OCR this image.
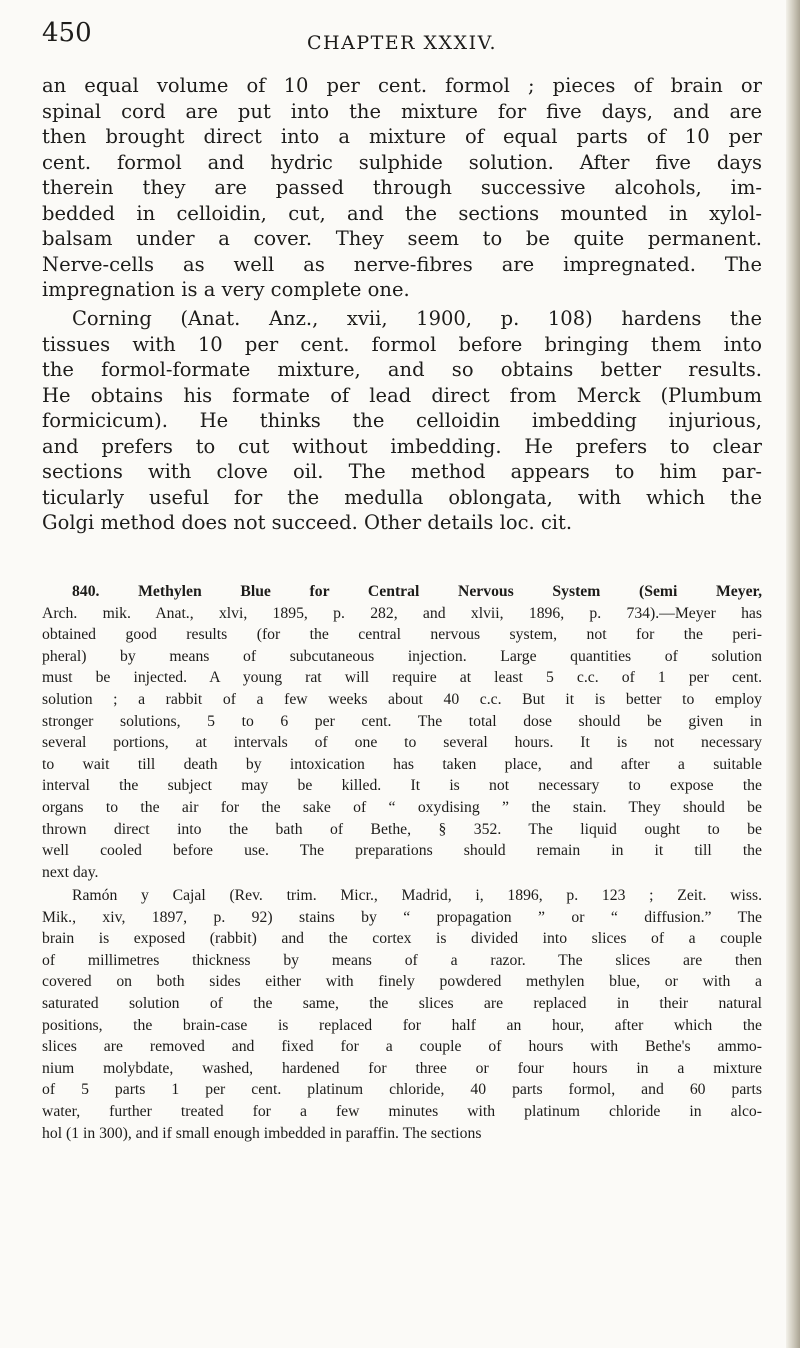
450	CHAPTER XXXIV.
an equal volume of 10 per cent. formol ; pieces of brain or
spinal cord are put into the mixture for five days, and are
then brought direct into a mixture of equal parts of 10 per
cent. formol and hydric sulphide solution. After five days
therein they are passed through successive alcohols, im-
bedded in celloidin, cut, and the sections mounted in xylol-
balsam under a cover. They seem to be quite permanent.
Nerve-cells as well as nerve-fibres are impregnated. The
impregnation is a very complete one.
Corning (Anat. Anz., xvii, 1900, p. 108) hardens the
tissues with 10 per cent. formol before bringing them into
the formol-formate mixture, and so obtains better results.
He obtains his formate of lead direct from Merck (Plumbum
formicicum). He thinks the celloidin imbedding injurious,
and prefers to cut without imbedding. He prefers to clear
sections with clove oil. The method appears to him par-
ticularly useful for the medulla oblongata, with which the
Golgi method does not succeed. Other details loc. cit.
840. Methylen Blue for Central Nervous System (Semi Meyer,
Arch. mik. Anat., xlvi, 1895, p. 282, and xlvii, 1896, p. 734).—Meyer has
obtained good results (for the central nervous system, not for the peri-
pheral) by means of subcutaneous injection. Large quantities of solution
must be injected. A young rat will require at least 5 c.c. of 1 per cent.
solution ; a rabbit of a few weeks about 40 c.c. But it is better to employ
stronger solutions, 5 to 6 per cent. The total dose should be given in
several portions, at intervals of one to several hours. It is not necessary
to wait till death by intoxication has taken place, and after a suitable
interval the subject may be killed. It is not necessary to expose the
organs to the air for the sake of “ oxydising ” the stain. They should be
thrown direct into the bath of Bethe, § 352. The liquid ought to be
well cooled before use. The preparations should remain in it till the
next day.
Ramón y Cajal (Rev. trim. Micr., Madrid, i, 1896, p. 123 ; Zeit. wiss.
Mik., xiv, 1897, p. 92) stains by “ propagation ” or “ diffusion.” The
brain is exposed (rabbit) and the cortex is divided into slices of a couple
of millimetres thickness by means of a razor. The slices are then
covered on both sides either with finely powdered methylen blue, or with a
saturated solution of the same, the slices are replaced in their natural
positions, the brain-case is replaced for half an hour, after which the
slices are removed and fixed for a couple of hours with Bethe's ammo-
nium molybdate, washed, hardened for three or four hours in a mixture
of 5 parts 1 per cent. platinum chloride, 40 parts formol, and 60 parts
water, further treated for a few minutes with platinum chloride in alco-
hol (1 in 300), and if small enough imbedded in paraffin. The sections
